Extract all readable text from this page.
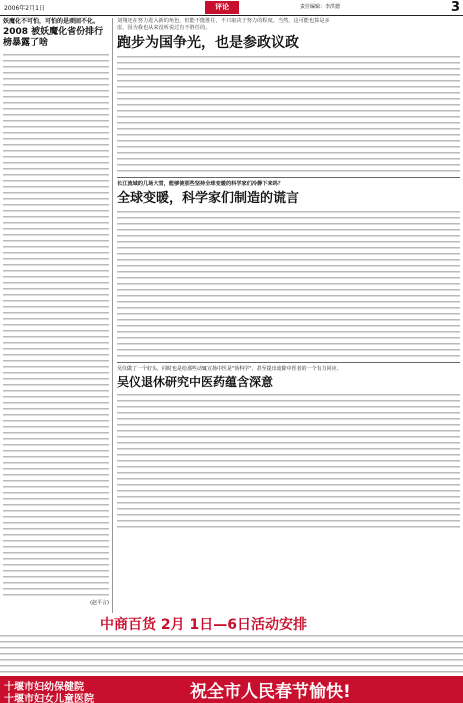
2006年2月1日	评论	责任编辑：李洪德	3
妖魔化不可怕，可怕的是顽固不化。
2008 被妖魔化省份排行榜暴露了啥
(赵平言)
刘翔还在努力进入新的角色，但能不能胜任，不只取决于努力的程度。当然，这可能也算是多虑，因为我也从来没听说过有不胜任的。
跑步为国争光，也是参政议政
长江流域的几场大雪，能够使那些坚持全球变暖的科学家们冷静下来吗？
全球变暖，科学家们制造的谎言
吴仪做了一个好头，同时也是给那些动辄宣扬中医是"伪科学"，甚至提出废除中医者的一个有力回应。
吴仪退休研究中医药蕴含深意
中商百货 2月 1日—6日活动安排
十堰市妇幼保健院
十堰市妇女儿童医院	祝全市人民春节愉快!
